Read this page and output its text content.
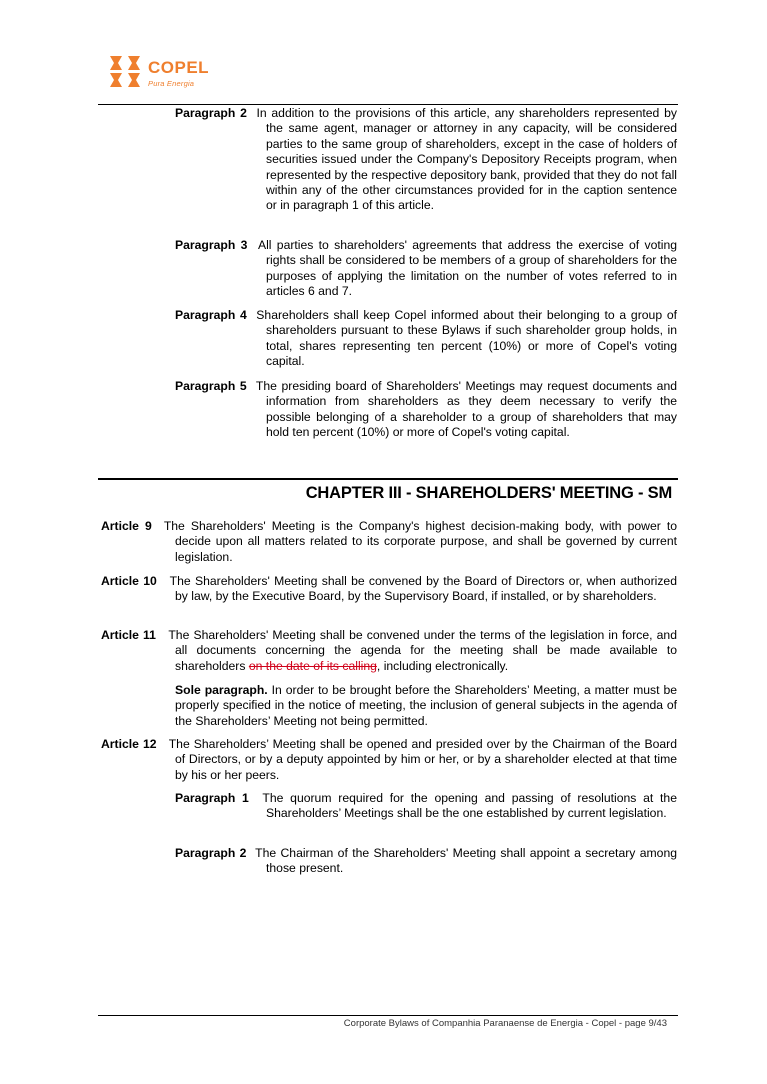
COPEL
Pura Energia
Paragraph 2 In addition to the provisions of this article, any shareholders represented by the same agent, manager or attorney in any capacity, will be considered parties to the same group of shareholders, except in the case of holders of securities issued under the Company's Depository Receipts program, when represented by the respective depository bank, provided that they do not fall within any of the other circumstances provided for in the caption sentence or in paragraph 1 of this article.
Paragraph 3 All parties to shareholders' agreements that address the exercise of voting rights shall be considered to be members of a group of shareholders for the purposes of applying the limitation on the number of votes referred to in articles 6 and 7.
Paragraph 4 Shareholders shall keep Copel informed about their belonging to a group of shareholders pursuant to these Bylaws if such shareholder group holds, in total, shares representing ten percent (10%) or more of Copel's voting capital.
Paragraph 5 The presiding board of Shareholders' Meetings may request documents and information from shareholders as they deem necessary to verify the possible belonging of a shareholder to a group of shareholders that may hold ten percent (10%) or more of Copel's voting capital.
CHAPTER III - SHAREHOLDERS' MEETING - SM
Article 9 The Shareholders' Meeting is the Company's highest decision-making body, with power to decide upon all matters related to its corporate purpose, and shall be governed by current legislation.
Article 10 The Shareholders' Meeting shall be convened by the Board of Directors or, when authorized by law, by the Executive Board, by the Supervisory Board, if installed, or by shareholders.
Article 11 The Shareholders' Meeting shall be convened under the terms of the legislation in force, and all documents concerning the agenda for the meeting shall be made available to shareholders on the date of its calling, including electronically.
Sole paragraph. In order to be brought before the Shareholders’ Meeting, a matter must be properly specified in the notice of meeting, the inclusion of general subjects in the agenda of the Shareholders’ Meeting not being permitted.
Article 12 The Shareholders’ Meeting shall be opened and presided over by the Chairman of the Board of Directors, or by a deputy appointed by him or her, or by a shareholder elected at that time by his or her peers.
Paragraph 1 The quorum required for the opening and passing of resolutions at the Shareholders’ Meetings shall be the one established by current legislation.
Paragraph 2 The Chairman of the Shareholders' Meeting shall appoint a secretary among those present.
Corporate Bylaws of Companhia Paranaense de Energia - Copel - page 9/43
